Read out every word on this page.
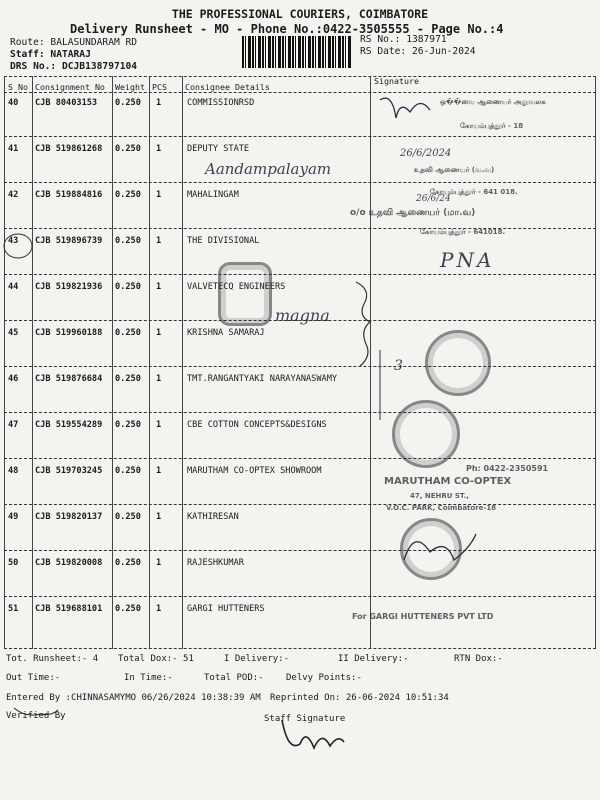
THE PROFESSIONAL COURIERS, COIMBATORE
Delivery Runsheet - MO - Phone No.:0422-3505555 - Page No.:4
Route: BALASUNDARAM RD
Staff: NATARAJ
DRS No.: DCJB138797104
RS No.: 1387971
RS Date: 26-Jun-2024
S No Consignment No Weight PCS Consignee Details
Signature
40 CJB 80403153 0.250 1	COMMISSIONRSD
41 CJB 519861268 0.250 1	DEPUTY STATE
42 CJB 519884816 0.250 1	MAHALINGAM
43 CJB 519896739 0.250 1	THE DIVISIONAL
44 CJB 519821936 0.250 1	VALVETECQ ENGINEERS
45 CJB 519960188 0.250 1	KRISHNA SAMARAJ
46 CJB 519876684 0.250 1	TMT.RANGANTYAKI NARAYANASWAMY
47 CJB 519554289 0.250 1	CBE COTTON CONCEPTS&DESIGNS
48 CJB 519703245 0.250 1	MARUTHAM CO-OPTEX SHOWROOM
49 CJB 519820137 0.250 1	KATHIRESAN
50 CJB 519820008 0.250 1	RAJESHKUMAR
51 CJB 519688101 0.250 1	GARGI HUTTENERS
ஒ��வை ஆணையர் அலுவலக
கோயம்புத்தூர் - 18
Aandampalayam
26/6/2024
உதவி ஆணையர் (வ.வ)
கோயம்புத்தூர் - 641 018.
26/6/24
o/o உதவி ஆணையர் (மா.வ)
கோயம்புத்தூர் - 641018.
PNA
magna
3
Ph: 0422-2350591
MARUTHAM CO-OPTEX
47, NEHRU ST.,
V.O.C. PARK, Coimbatore-18
For GARGI HUTTENERS PVT LTD
Tot. Runsheet:- 4 Total Dox:- 51	I Delivery:-	II Delivery:-	RTN Dox:-
Out Time:-	In Time:-	Total POD:- Delvy Points:-
Entered By :CHINNASAMYMO 06/26/2024 10:38:39 AM Reprinted On: 26-06-2024 10:51:34
Verified By	Staff Signature
